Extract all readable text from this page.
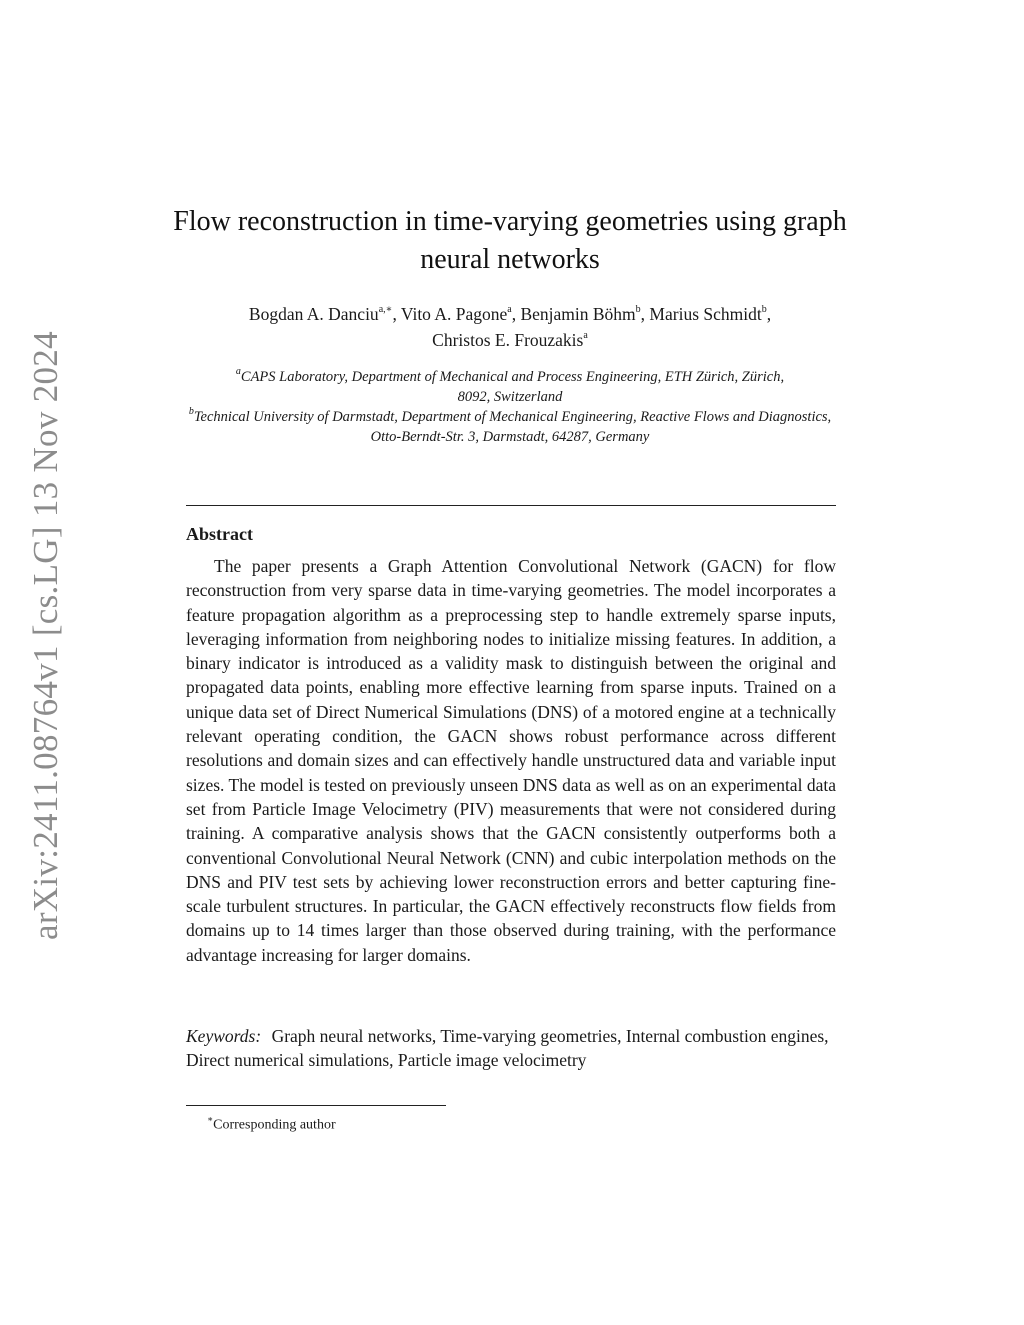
arXiv:2411.08764v1 [cs.LG] 13 Nov 2024
Flow reconstruction in time-varying geometries using graph neural networks
Bogdan A. Danciu$^{a,∗}$, Vito A. Pagone$^a$, Benjamin Böhm$^b$, Marius Schmidt$^b$,
Christos E. Frouzakis$^a$
$^a$CAPS Laboratory, Department of Mechanical and Process Engineering, ETH Zürich, Zürich, 8092, Switzerland
$^b$Technical University of Darmstadt, Department of Mechanical Engineering, Reactive Flows and Diagnostics, Otto-Berndt-Str. 3, Darmstadt, 64287, Germany
Abstract

The paper presents a Graph Attention Convolutional Network (GACN) for flow reconstruction from very sparse data in time-varying geometries. The model incorporates a feature propagation algorithm as a preprocessing step to handle extremely sparse inputs, leveraging information from neighboring nodes to initialize missing features. In addition, a binary indicator is introduced as a validity mask to distinguish between the original and propagated data points, enabling more effective learning from sparse inputs. Trained on a unique data set of Direct Numerical Simulations (DNS) of a motored engine at a technically relevant operating condition, the GACN shows robust performance across different resolutions and domain sizes and can effectively handle unstructured data and variable input sizes. The model is tested on previously unseen DNS data as well as on an experimental data set from Particle Image Velocimetry (PIV) measurements that were not considered during training. A comparative analysis shows that the GACN consistently outperforms both a conventional Convolutional Neural Network (CNN) and cubic interpolation methods on the DNS and PIV test sets by achieving lower reconstruction errors and better capturing fine-scale turbulent structures. In particular, the GACN effectively reconstructs flow fields from domains up to 14 times larger than those observed during training, with the performance advantage increasing for larger domains.

Keywords: Graph neural networks, Time-varying geometries, Internal combustion engines, Direct numerical simulations, Particle image velocimetry

∗Corresponding author
